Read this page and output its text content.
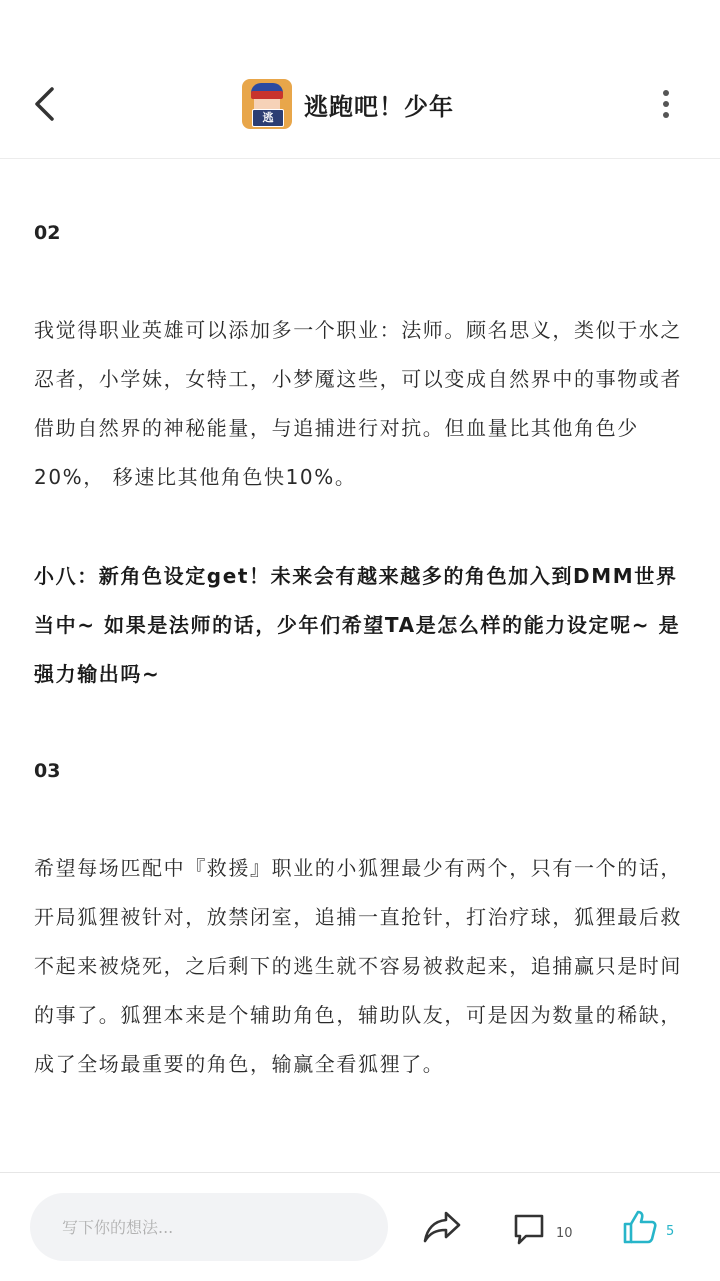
逃	逃跑吧！少年
02

我觉得职业英雄可以添加多一个职业：法师。顾名思义，类似于水之忍者，小学妹，女特工，小梦魇这些，可以变成自然界中的事物或者借助自然界的神秘能量，与追捕进行对抗。但血量比其他角色少20%， 移速比其他角色快10%。

小八：新角色设定get！未来会有越来越多的角色加入到DMM世界当中~ 如果是法师的话，少年们希望TA是怎么样的能力设定呢~ 是强力输出吗~

03

希望每场匹配中『救援』职业的小狐狸最少有两个，只有一个的话，开局狐狸被针对，放禁闭室，追捕一直抢针，打治疗球，狐狸最后救不起来被烧死，之后剩下的逃生就不容易被救起来，追捕赢只是时间的事了。狐狸本来是个辅助角色，辅助队友，可是因为数量的稀缺，成了全场最重要的角色，输赢全看狐狸了。

写下你的想法...
10	5
